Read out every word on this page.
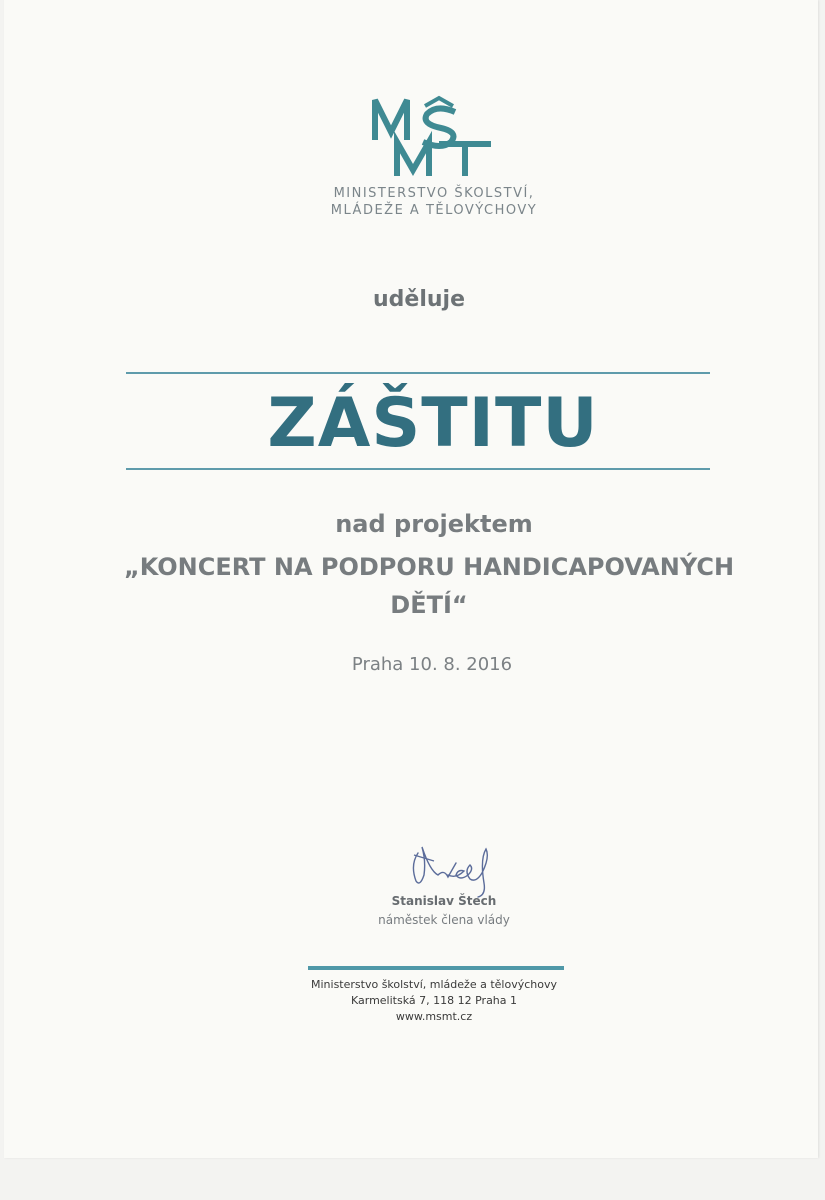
MINISTERSTVO ŠKOLSTVÍ,
MLÁDEŽE A TĚLOVÝCHOVY
uděluje
ZÁŠTITU
nad projektem
„KONCERT NA PODPORU HANDICAPOVANÝCH
DĚTÍ“
Praha 10. 8. 2016
Stanislav Štech
náměstek člena vlády
Ministerstvo školství, mládeže a tělovýchovy
Karmelitská 7, 118 12 Praha 1
www.msmt.cz
